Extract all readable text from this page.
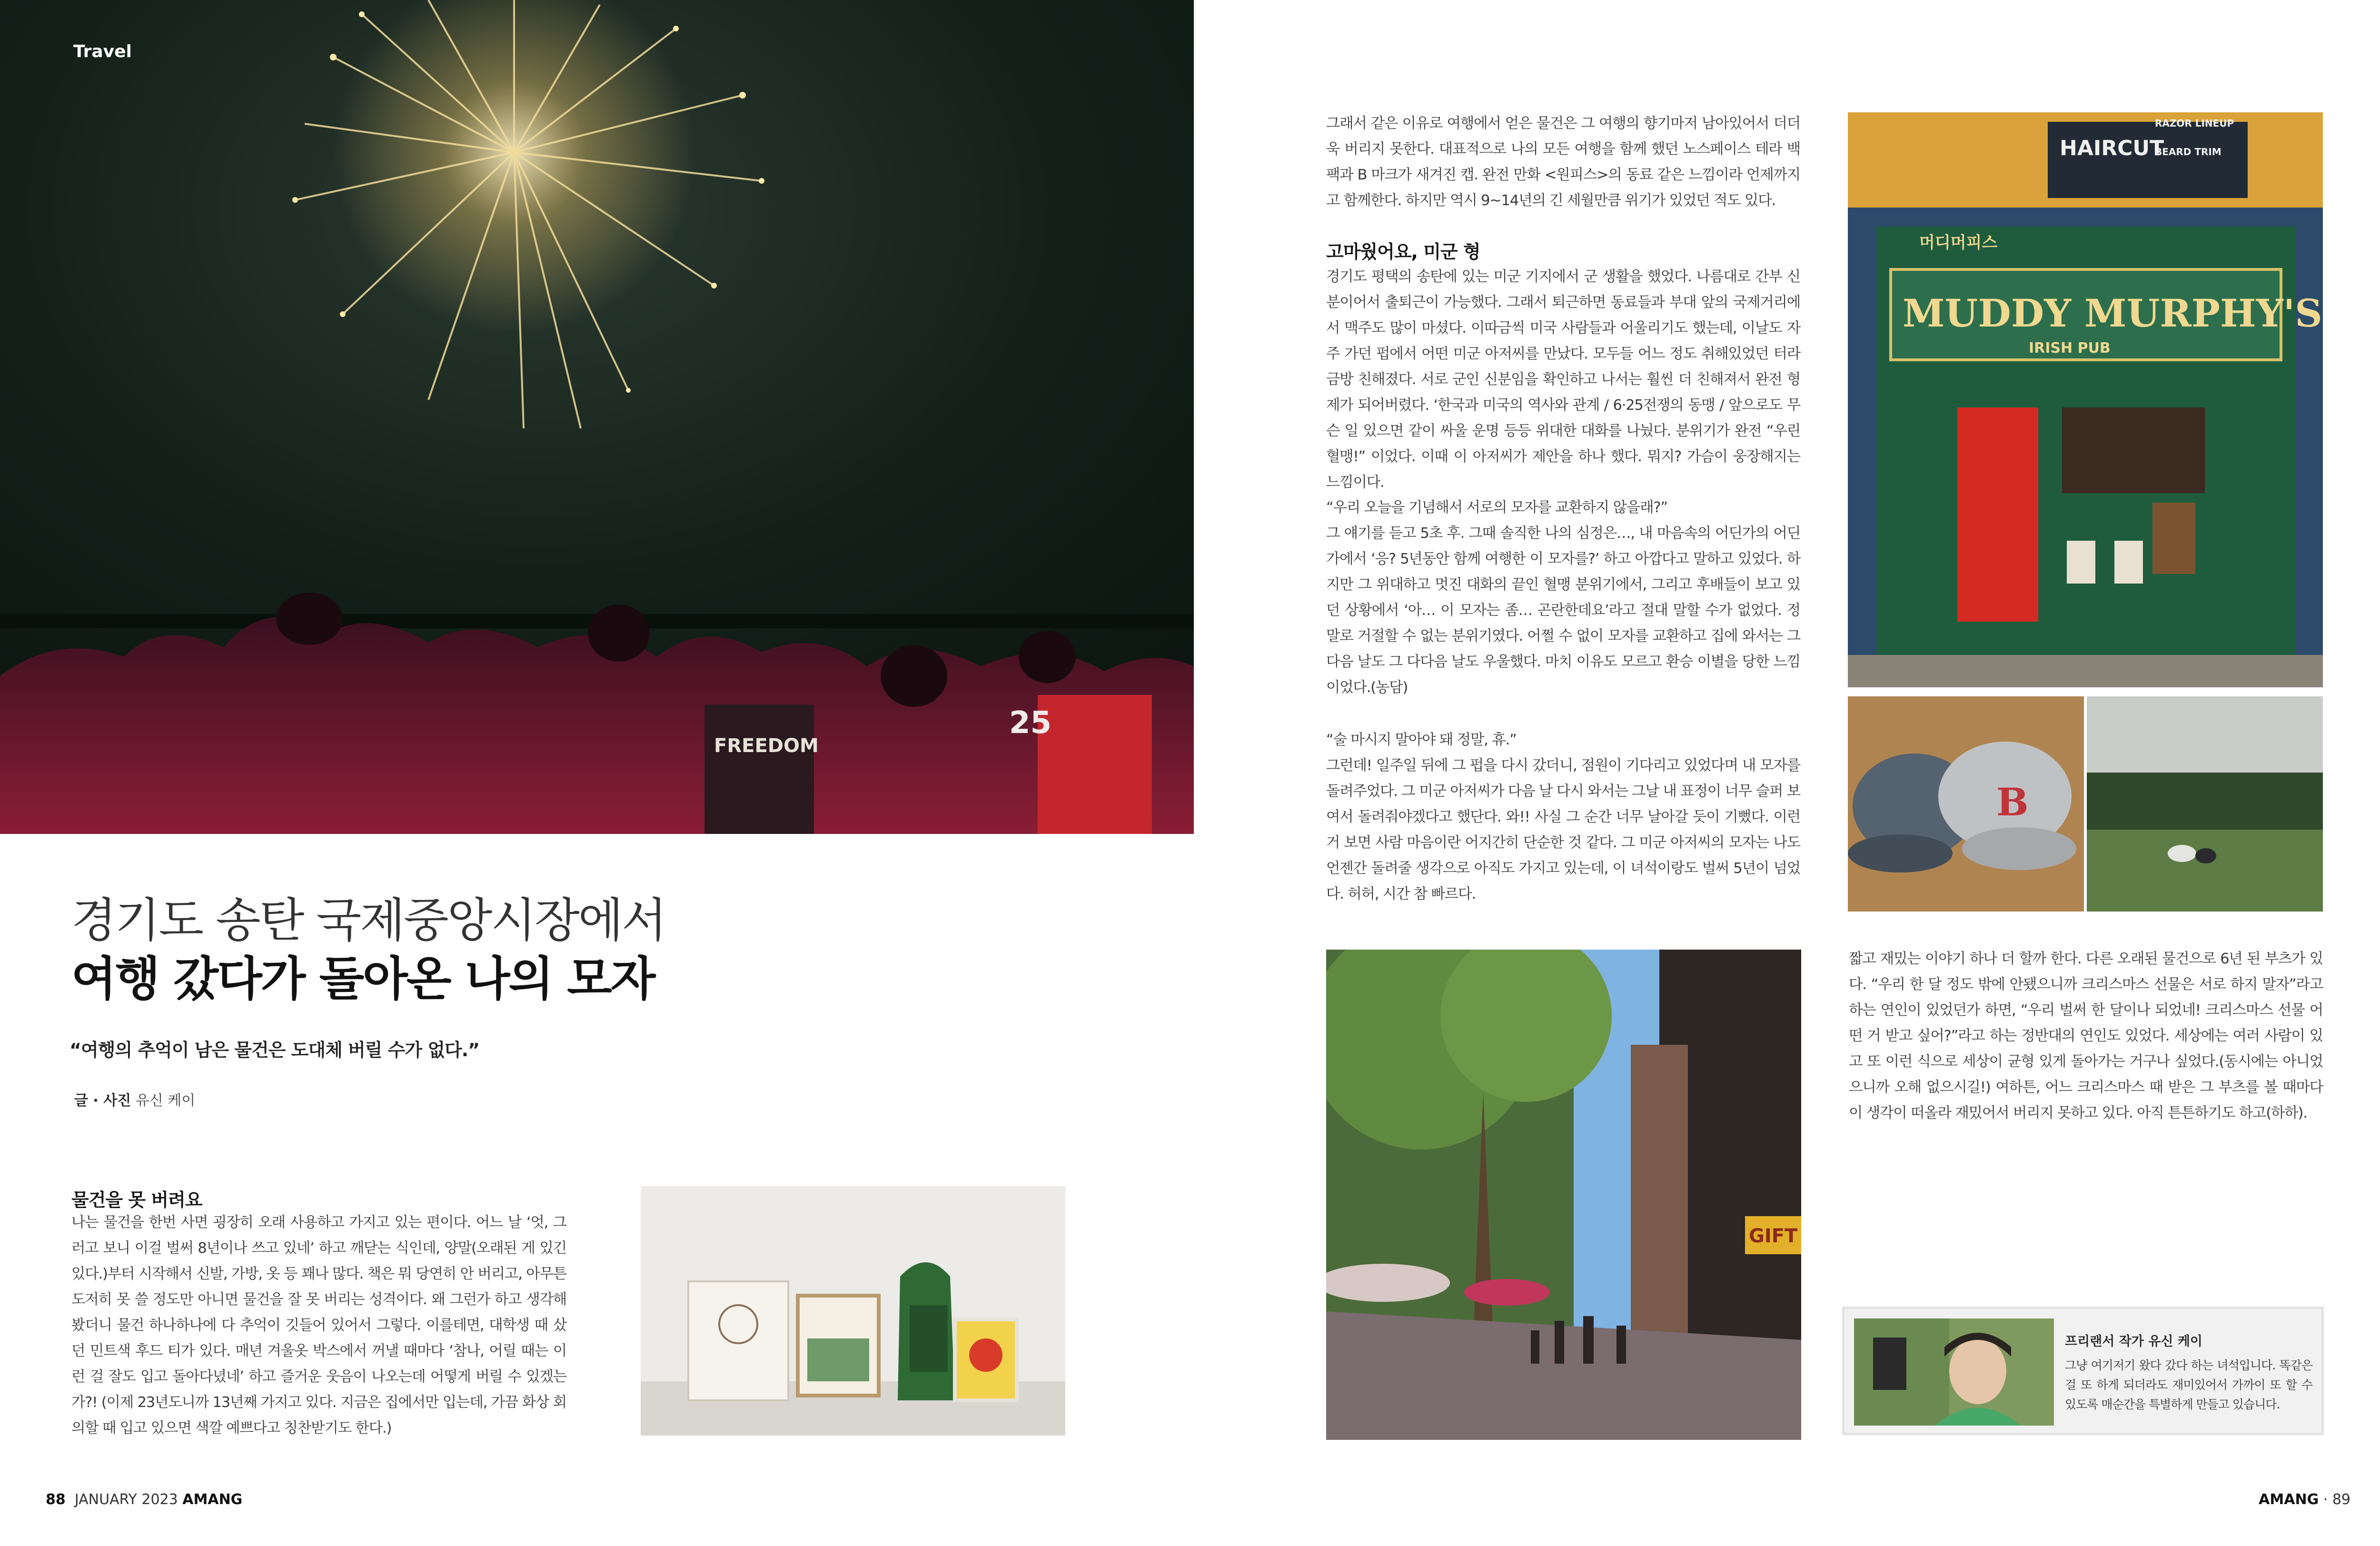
FREEDOM
25
Travel
경기도 송탄 국제중앙시장에서
여행 갔다가 돌아온 나의 모자
“여행의 추억이 남은 물건은 도대체 버릴 수가 없다.”
글 · 사진 유신 케이
물건을 못 버려요

나는 물건을 한번 사면 굉장히 오래 사용하고 가지고 있는 편이다. 어느 날 ‘엇, 그러고 보니 이걸 벌써 8년이나 쓰고 있네’ 하고 깨닫는 식인데, 양말(오래된 게 있긴 있다.)부터 시작해서 신발, 가방, 옷 등 꽤나 많다. 책은 뭐 당연히 안 버리고, 아무튼 도저히 못 쓸 정도만 아니면 물건을 잘 못 버리는 성격이다. 왜 그런가 하고 생각해 봤더니 물건 하나하나에 다 추억이 깃들어 있어서 그렇다. 이를테면, 대학생 때 샀던 민트색 후드 티가 있다. 매년 겨울옷 박스에서 꺼낼 때마다 ‘참나, 어릴 때는 이런 걸 잘도 입고 돌아다녔네’ 하고 즐거운 웃음이 나오는데 어떻게 버릴 수 있겠는가?! (이제 23년도니까 13년째 가지고 있다. 지금은 집에서만 입는데, 가끔 화상 회의할 때 입고 있으면 색깔 예쁘다고 칭찬받기도 한다.)

그래서 같은 이유로 여행에서 얻은 물건은 그 여행의 향기마저 남아있어서 더더욱 버리지 못한다. 대표적으로 나의 모든 여행을 함께 했던 노스페이스 테라 백팩과 B 마크가 새겨진 캡. 완전 만화 <원피스>의 동료 같은 느낌이라 언제까지고 함께한다. 하지만 역시 9~14년의 긴 세월만큼 위기가 있었던 적도 있다.

고마웠어요, 미군 형

경기도 평택의 송탄에 있는 미군 기지에서 군 생활을 했었다. 나름대로 간부 신분이어서 출퇴근이 가능했다. 그래서 퇴근하면 동료들과 부대 앞의 국제거리에서 맥주도 많이 마셨다. 이따금씩 미국 사람들과 어울리기도 했는데, 이날도 자주 가던 펍에서 어떤 미군 아저씨를 만났다. 모두들 어느 정도 취해있었던 터라 금방 친해졌다. 서로 군인 신분임을 확인하고 나서는 훨씬 더 친해져서 완전 형제가 되어버렸다. ‘한국과 미국의 역사와 관계 / 6·25전쟁의 동맹 / 앞으로도 무슨 일 있으면 같이 싸울 운명 등등 위대한 대화를 나눴다. 분위기가 완전 “우린 혈맹!” 이었다. 이때 이 아저씨가 제안을 하나 했다. 뭐지? 가슴이 웅장해지는 느낌이다.

“우리 오늘을 기념해서 서로의 모자를 교환하지 않을래?”
그 얘기를 듣고 5초 후. 그때 솔직한 나의 심정은…, 내 마음속의 어딘가의 어딘가에서 ‘응? 5년동안 함께 여행한 이 모자를?’ 하고 아깝다고 말하고 있었다. 하지만 그 위대하고 멋진 대화의 끝인 혈맹 분위기에서, 그리고 후배들이 보고 있던 상황에서 ‘아… 이 모자는 좀… 곤란한데요’라고 절대 말할 수가 없었다. 정말로 거절할 수 없는 분위기였다. 어쩔 수 없이 모자를 교환하고 집에 와서는 그다음 날도 그 다다음 날도 우울했다. 마치 이유도 모르고 환승 이별을 당한 느낌이었다.(농담)

“술 마시지 말아야 돼 정말, 휴.”
그런데! 일주일 뒤에 그 펍을 다시 갔더니, 점원이 기다리고 있었다며 내 모자를 돌려주었다. 그 미군 아저씨가 다음 날 다시 와서는 그날 내 표정이 너무 슬퍼 보여서 돌려줘야겠다고 했단다. 와!! 사실 그 순간 너무 날아갈 듯이 기뻤다. 이런 거 보면 사람 마음이란 어지간히 단순한 것 같다. 그 미군 아저씨의 모자는 나도 언젠간 돌려줄 생각으로 아직도 가지고 있는데, 이 녀석이랑도 벌써 5년이 넘었다. 허허, 시간 참 빠르다.

GIFT
HAIRCUT
RAZOR LINEUP
BEARD TRIM
머디머피스
MUDDY MURPHY'S
IRISH PUB
B

짧고 재밌는 이야기 하나 더 할까 한다. 다른 오래된 물건으로 6년 된 부츠가 있다. “우리 한 달 정도 밖에 안됐으니까 크리스마스 선물은 서로 하지 말자”라고 하는 연인이 있었던가 하면, “우리 벌써 한 달이나 되었네! 크리스마스 선물 어떤 거 받고 싶어?”라고 하는 정반대의 연인도 있었다. 세상에는 여러 사람이 있고 또 이런 식으로 세상이 균형 있게 돌아가는 거구나 싶었다.(동시에는 아니었으니까 오해 없으시길!) 여하튼, 어느 크리스마스 때 받은 그 부츠를 볼 때마다 이 생각이 떠올라 재밌어서 버리지 못하고 있다. 아직 튼튼하기도 하고(하하).

프리랜서 작가 유신 케이

그냥 여기저기 왔다 갔다 하는 녀석입니다. 똑같은 걸 또 하게 되더라도 재미있어서 가까이 또 할 수 있도록 매순간을 특별하게 만들고 있습니다.

88 JANUARY 2023 AMANG	AMANG · 89
